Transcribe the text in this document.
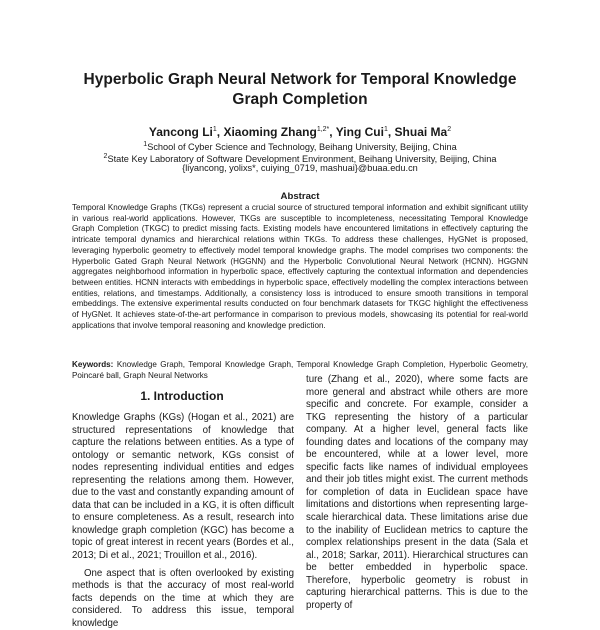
Hyperbolic Graph Neural Network for Temporal Knowledge Graph Completion
Yancong Li$^1$, Xiaoming Zhang$^{1,2*}$, Ying Cui$^1$, Shuai Ma$^2$
$^1$School of Cyber Science and Technology, Beihang University, Beijing, China
$^2$State Key Laboratory of Software Development Environment, Beihang University, Beijing, China
{liyancong, yolixs*, cuiying_0719, mashuai}@buaa.edu.cn
Abstract
Temporal Knowledge Graphs (TKGs) represent a crucial source of structured temporal information and exhibit significant utility in various real-world applications. However, TKGs are susceptible to incompleteness, necessitating Temporal Knowledge Graph Completion (TKGC) to predict missing facts. Existing models have encountered limitations in effectively capturing the intricate temporal dynamics and hierarchical relations within TKGs. To address these challenges, HyGNet is proposed, leveraging hyperbolic geometry to effectively model temporal knowledge graphs. The model comprises two components: the Hyperbolic Gated Graph Neural Network (HGGNN) and the Hyperbolic Convolutional Neural Network (HCNN). HGGNN aggregates neighborhood information in hyperbolic space, effectively capturing the contextual information and dependencies between entities. HCNN interacts with embeddings in hyperbolic space, effectively modelling the complex interactions between entities, relations, and timestamps. Additionally, a consistency loss is introduced to ensure smooth transitions in temporal embeddings. The extensive experimental results conducted on four benchmark datasets for TKGC highlight the effectiveness of HyGNet. It achieves state-of-the-art performance in comparison to previous models, showcasing its potential for real-world applications that involve temporal reasoning and knowledge prediction.
Keywords: Knowledge Graph, Temporal Knowledge Graph, Temporal Knowledge Graph Completion, Hyperbolic Geometry, Poincaré ball, Graph Neural Networks
1. Introduction

Knowledge Graphs (KGs) (Hogan et al., 2021) are structured representations of knowledge that capture the relations between entities. As a type of ontology or semantic network, KGs consist of nodes representing individual entities and edges representing the relations among them. However, due to the vast and constantly expanding amount of data that can be included in a KG, it is often difficult to ensure completeness. As a result, research into knowledge graph completion (KGC) has become a topic of great interest in recent years (Bordes et al., 2013; Di et al., 2021; Trouillon et al., 2016).

One aspect that is often overlooked by existing methods is that the accuracy of most real-world facts depends on the time at which they are considered. To address this issue, temporal knowledge

ture (Zhang et al., 2020), where some facts are more general and abstract while others are more specific and concrete. For example, consider a TKG representing the history of a particular company. At a higher level, general facts like founding dates and locations of the company may be encountered, while at a lower level, more specific facts like names of individual employees and their job titles might exist. The current methods for completion of data in Euclidean space have limitations and distortions when representing large-scale hierarchical data. These limitations arise due to the inability of Euclidean metrics to capture the complex relationships present in the data (Sala et al., 2018; Sarkar, 2011). Hierarchical structures can be better embedded in hyperbolic space. Therefore, hyperbolic geometry is robust in capturing hierarchical patterns. This is due to the property of
